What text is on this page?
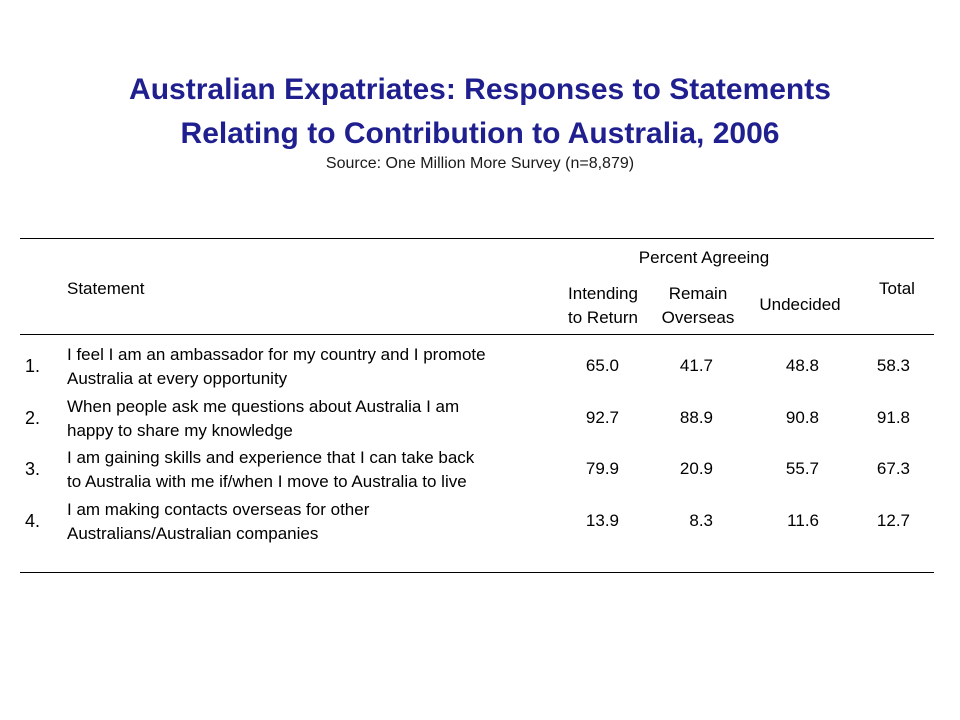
Australian Expatriates: Responses to Statements
Relating to Contribution to Australia, 2006
Source: One Million More Survey (n=8,879)
Statement
Percent Agreeing
Intending
to Return
Remain
Overseas
Undecided
Total
1.
I feel I am an ambassador for my country and I promote
Australia at every opportunity
65.0	41.7	48.8	58.3
2.
When people ask me questions about Australia I am
happy to share my knowledge
92.7	88.9	90.8	91.8
3.
I am gaining skills and experience that I can take back
to Australia with me if/when I move to Australia to live
79.9	20.9	55.7	67.3
4.
I am making contacts overseas for other
Australians/Australian companies
13.9	8.3	11.6	12.7
